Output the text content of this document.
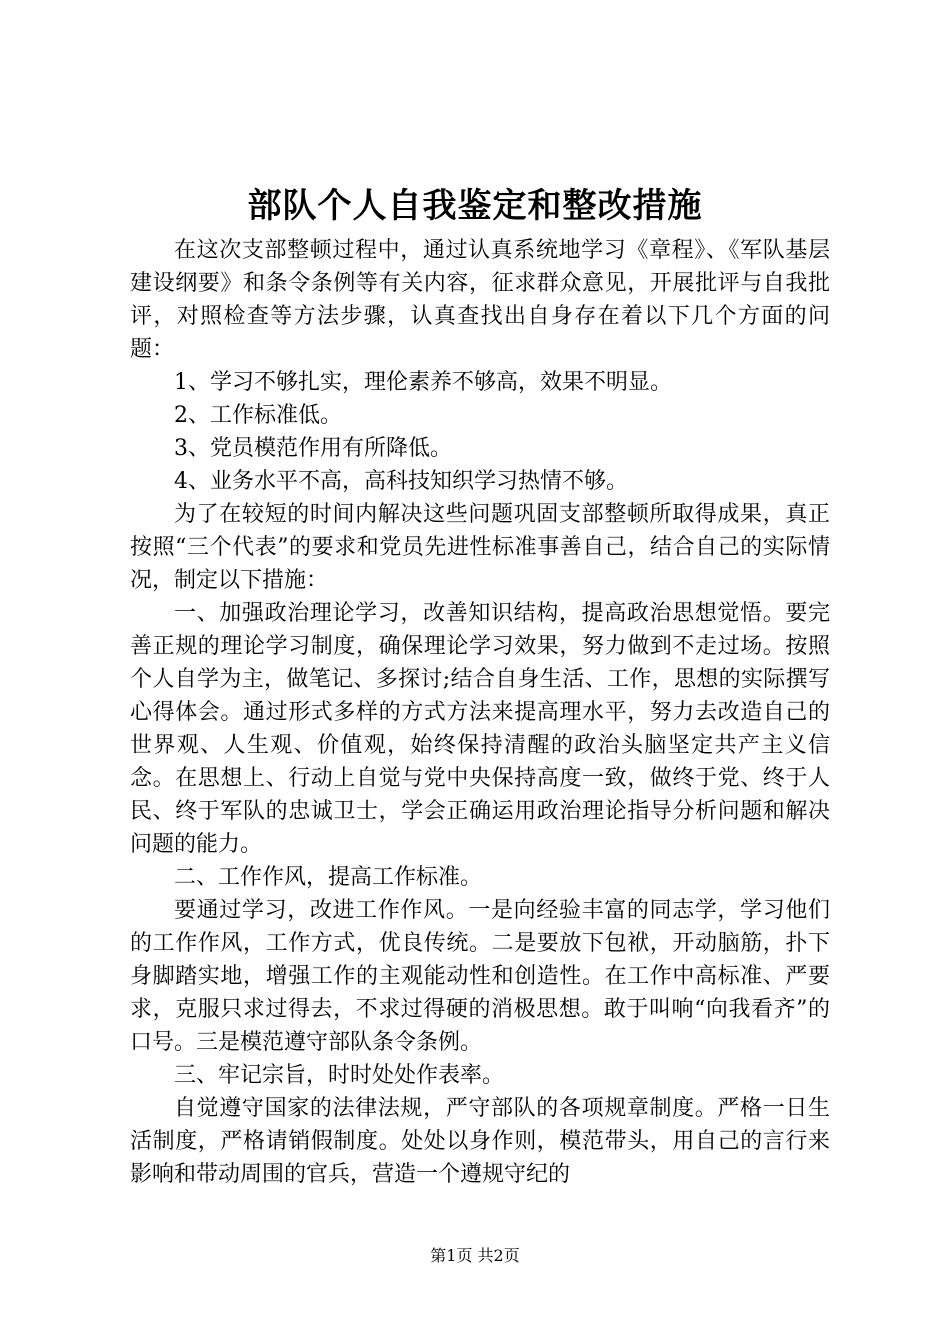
部队个人自我鉴定和整改措施

在这次支部整顿过程中，通过认真系统地学习《章程》、《军队基层建设纲要》和条令条例等有关内容，征求群众意见，开展批评与自我批评，对照检查等方法步骤，认真查找出自身存在着以下几个方面的问题：

1、学习不够扎实，理伦素养不够高，效果不明显。

2、工作标准低。

3、党员模范作用有所降低。

4、业务水平不高，高科技知织学习热情不够。

为了在较短的时间内解决这些问题巩固支部整顿所取得成果，真正按照“三个代表”的要求和党员先进性标准事善自己，结合自己的实际情况，制定以下措施：

一、加强政治理论学习，改善知识结构，提高政治思想觉悟。要完善正规的理论学习制度，确保理论学习效果，努力做到不走过场。按照个人自学为主，做笔记、多探讨;结合自身生活、工作，思想的实际撰写心得体会。通过形式多样的方式方法来提高理水平，努力去改造自己的世界观、人生观、价值观，始终保持清醒的政治头脑坚定共产主义信念。在思想上、行动上自觉与党中央保持高度一致，做终于党、终于人民、终于军队的忠诚卫士，学会正确运用政治理论指导分析问题和解决问题的能力。

二、工作作风，提高工作标准。

要通过学习，改进工作作风。一是向经验丰富的同志学，学习他们的工作作风，工作方式，优良传统。二是要放下包袱，开动脑筋，扑下身脚踏实地，增强工作的主观能动性和创造性。在工作中高标准、严要求，克服只求过得去，不求过得硬的消极思想。敢于叫响“向我看齐”的口号。三是模范遵守部队条令条例。

三、牢记宗旨，时时处处作表率。

自觉遵守国家的法律法规，严守部队的各项规章制度。严格一日生活制度，严格请销假制度。处处以身作则，模范带头，用自己的言行来影响和带动周围的官兵，营造一个遵规守纪的

第1页 共2页
